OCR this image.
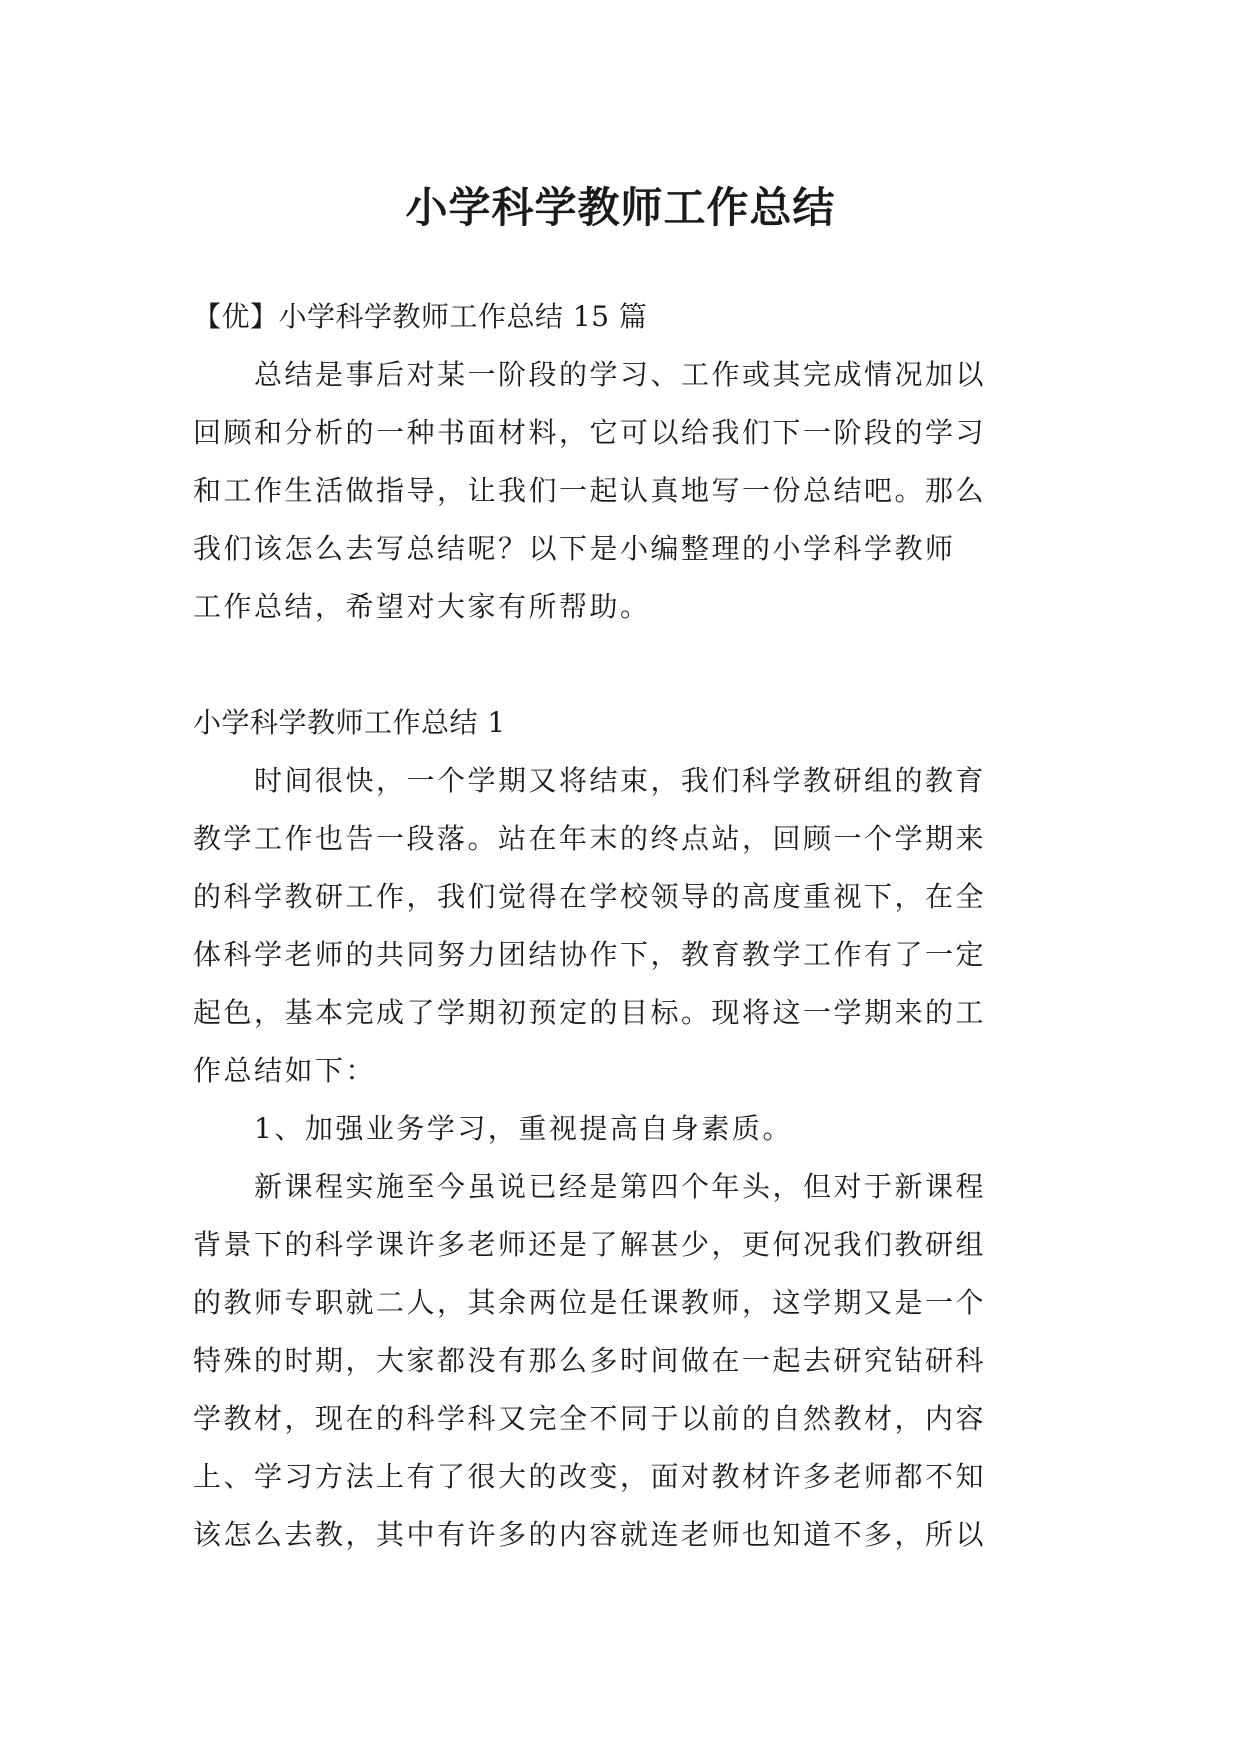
小学科学教师工作总结

【优】小学科学教师工作总结 15 篇

　　总结是事后对某一阶段的学习、工作或其完成情况加以

回顾和分析的一种书面材料，它可以给我们下一阶段的学习

和工作生活做指导，让我们一起认真地写一份总结吧。那么

我们该怎么去写总结呢？以下是小编整理的小学科学教师

工作总结，希望对大家有所帮助。

小学科学教师工作总结 1

　　时间很快，一个学期又将结束，我们科学教研组的教育

教学工作也告一段落。站在年末的终点站，回顾一个学期来

的科学教研工作，我们觉得在学校领导的高度重视下，在全

体科学老师的共同努力团结协作下，教育教学工作有了一定

起色，基本完成了学期初预定的目标。现将这一学期来的工

作总结如下：

　　1、加强业务学习，重视提高自身素质。

　　新课程实施至今虽说已经是第四个年头，但对于新课程

背景下的科学课许多老师还是了解甚少，更何况我们教研组

的教师专职就二人，其余两位是任课教师，这学期又是一个

特殊的时期，大家都没有那么多时间做在一起去研究钻研科

学教材，现在的科学科又完全不同于以前的自然教材，内容

上、学习方法上有了很大的改变，面对教材许多老师都不知

该怎么去教，其中有许多的内容就连老师也知道不多，所以
